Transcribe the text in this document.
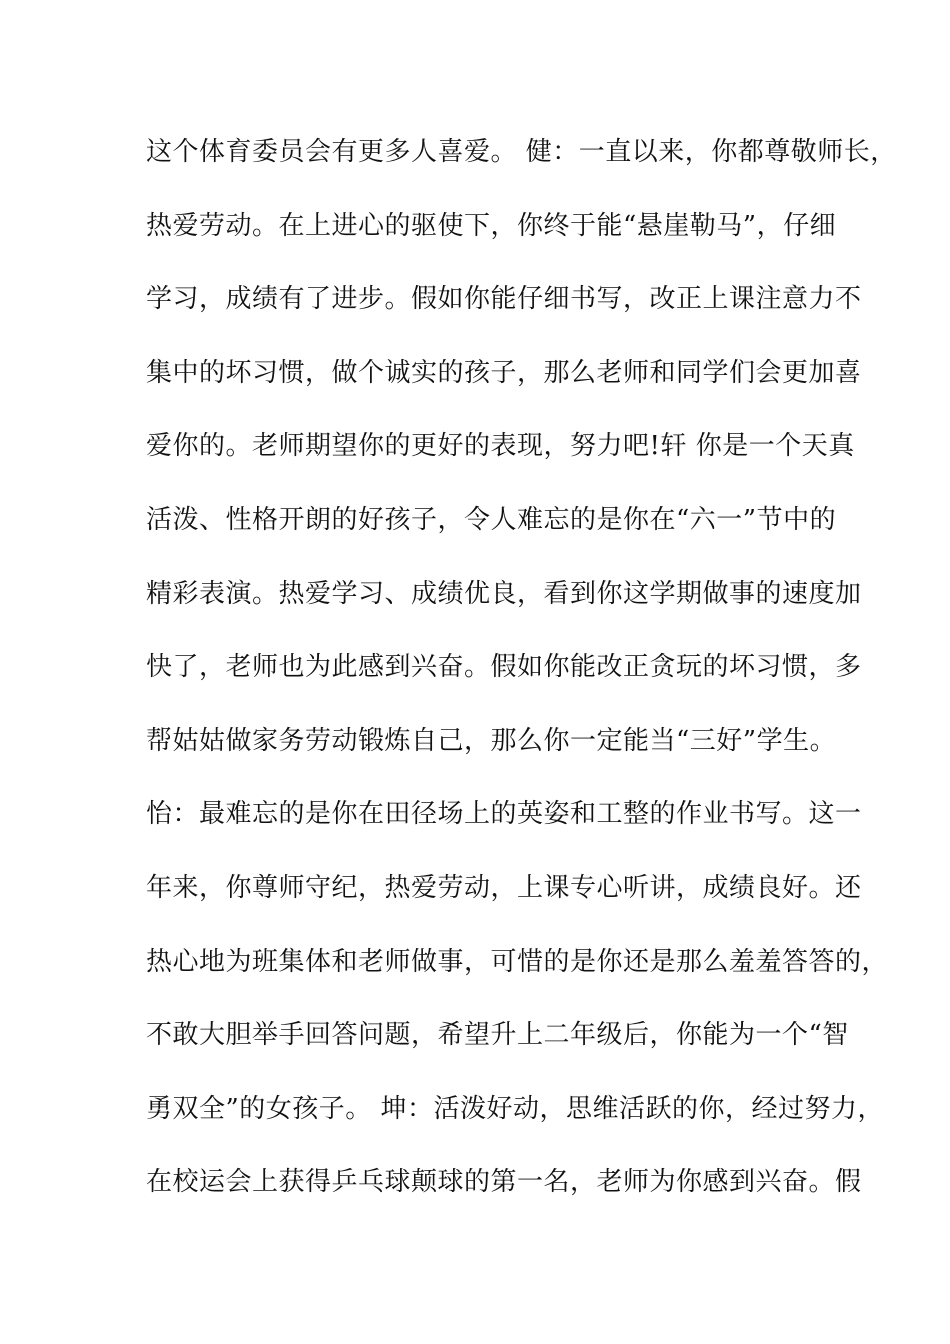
这个体育委员会有更多人喜爱。 健：一直以来，你都尊敬师长，
热爱劳动。在上进心的驱使下，你终于能“悬崖勒马”，仔细
学习，成绩有了进步。假如你能仔细书写，改正上课注意力不
集中的坏习惯，做个诚实的孩子，那么老师和同学们会更加喜
爱你的。老师期望你的更好的表现，努力吧!轩 你是一个天真
活泼、性格开朗的好孩子，令人难忘的是你在“六一”节中的
精彩表演。热爱学习、成绩优良，看到你这学期做事的速度加
快了，老师也为此感到兴奋。假如你能改正贪玩的坏习惯，多
帮姑姑做家务劳动锻炼自己，那么你一定能当“三好”学生。
怡：最难忘的是你在田径场上的英姿和工整的作业书写。这一
年来，你尊师守纪，热爱劳动，上课专心听讲，成绩良好。还
热心地为班集体和老师做事，可惜的是你还是那么羞羞答答的，
不敢大胆举手回答问题，希望升上二年级后，你能为一个“智
勇双全”的女孩子。 坤：活泼好动，思维活跃的你，经过努力，
在校运会上获得乒乓球颠球的第一名，老师为你感到兴奋。假
